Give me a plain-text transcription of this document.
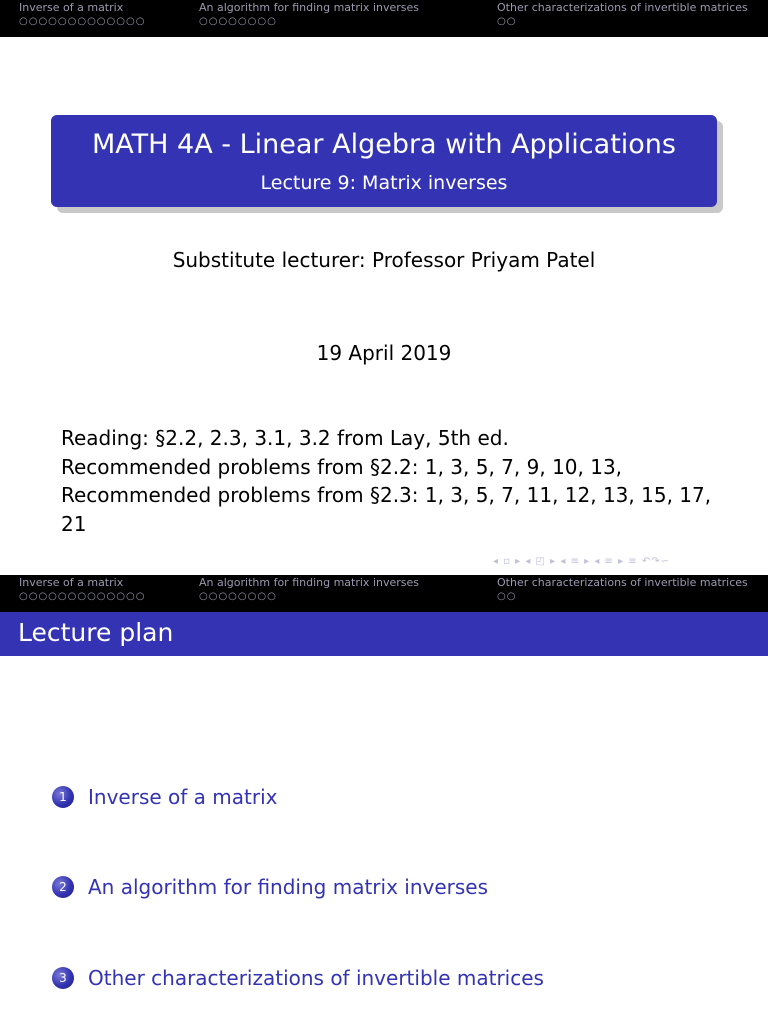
Inverse of a matrix
○○○○○○○○○○○○○
An algorithm for finding matrix inverses
○○○○○○○○
Other characterizations of invertible matrices
○○
MATH 4A - Linear Algebra with Applications
Lecture 9: Matrix inverses
Substitute lecturer: Professor Priyam Patel
19 April 2019
Reading: §2.2, 2.3, 3.1, 3.2 from Lay, 5th ed.
Recommended problems from §2.2: 1, 3, 5, 7, 9, 10, 13,
Recommended problems from §2.3: 1, 3, 5, 7, 11, 12, 13, 15, 17,
21
◂ ▫ ▸ ◂ ◰ ▸ ◂ ≡ ▸ ◂ ≡ ▸ ≡ ↶↷∽
Inverse of a matrix
○○○○○○○○○○○○○
An algorithm for finding matrix inverses
○○○○○○○○
Other characterizations of invertible matrices
○○
Lecture plan
1	Inverse of a matrix
2	An algorithm for finding matrix inverses
3	Other characterizations of invertible matrices
